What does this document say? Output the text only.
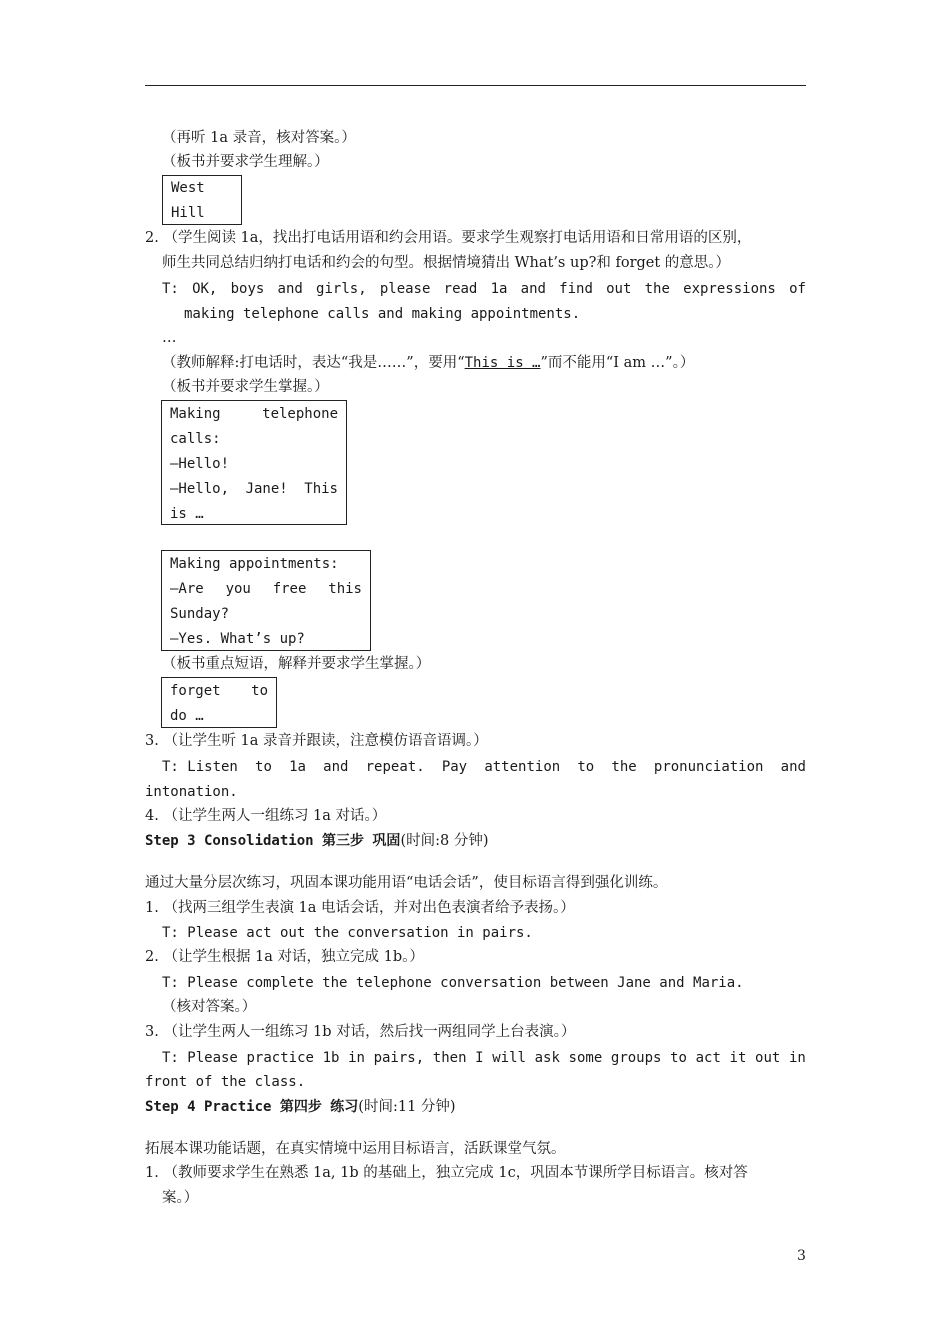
（再听 1a 录音，核对答案。）
（板书并要求学生理解。）
West
Hill
2. （学生阅读 1a，找出打电话用语和约会用语。要求学生观察打电话用语和日常用语的区别，
师生共同总结归纳打电话和约会的句型。根据情境猜出 What’s up?和 forget 的意思。）
T: OK, boys and girls, please read 1a and find out the expressions of
making telephone calls and making appointments.
…
（教师解释:打电话时，表达“我是……”，要用“This is …”而不能用“I am …”。）
（板书并要求学生掌握。）
Making	telephone
calls:
—Hello!
—Hello, Jane! This
is …
Making appointments:
—Are you free this
Sunday?
—Yes. What’s up?
（板书重点短语，解释并要求学生掌握。）
forget to
do …
3. （让学生听 1a 录音并跟读，注意模仿语音语调。）
T: Listen to 1a and repeat. Pay attention to the pronunciation and
intonation.
4. （让学生两人一组练习 1a 对话。）
Step 3 Consolidation 第三步 巩固(时间:8 分钟)
通过大量分层次练习，巩固本课功能用语“电话会话”，使目标语言得到强化训练。
1. （找两三组学生表演 1a 电话会话，并对出色表演者给予表扬。）
T: Please act out the conversation in pairs.
2. （让学生根据 1a 对话，独立完成 1b。）
T: Please complete the telephone conversation between Jane and Maria.
（核对答案。）
3. （让学生两人一组练习 1b 对话，然后找一两组同学上台表演。）
T: Please practice 1b in pairs, then I will ask some groups to act it out in
front of the class.
Step 4 Practice 第四步 练习(时间:11 分钟)
拓展本课功能话题，在真实情境中运用目标语言，活跃课堂气氛。
1. （教师要求学生在熟悉 1a, 1b 的基础上，独立完成 1c，巩固本节课所学目标语言。核对答
案。）
3
